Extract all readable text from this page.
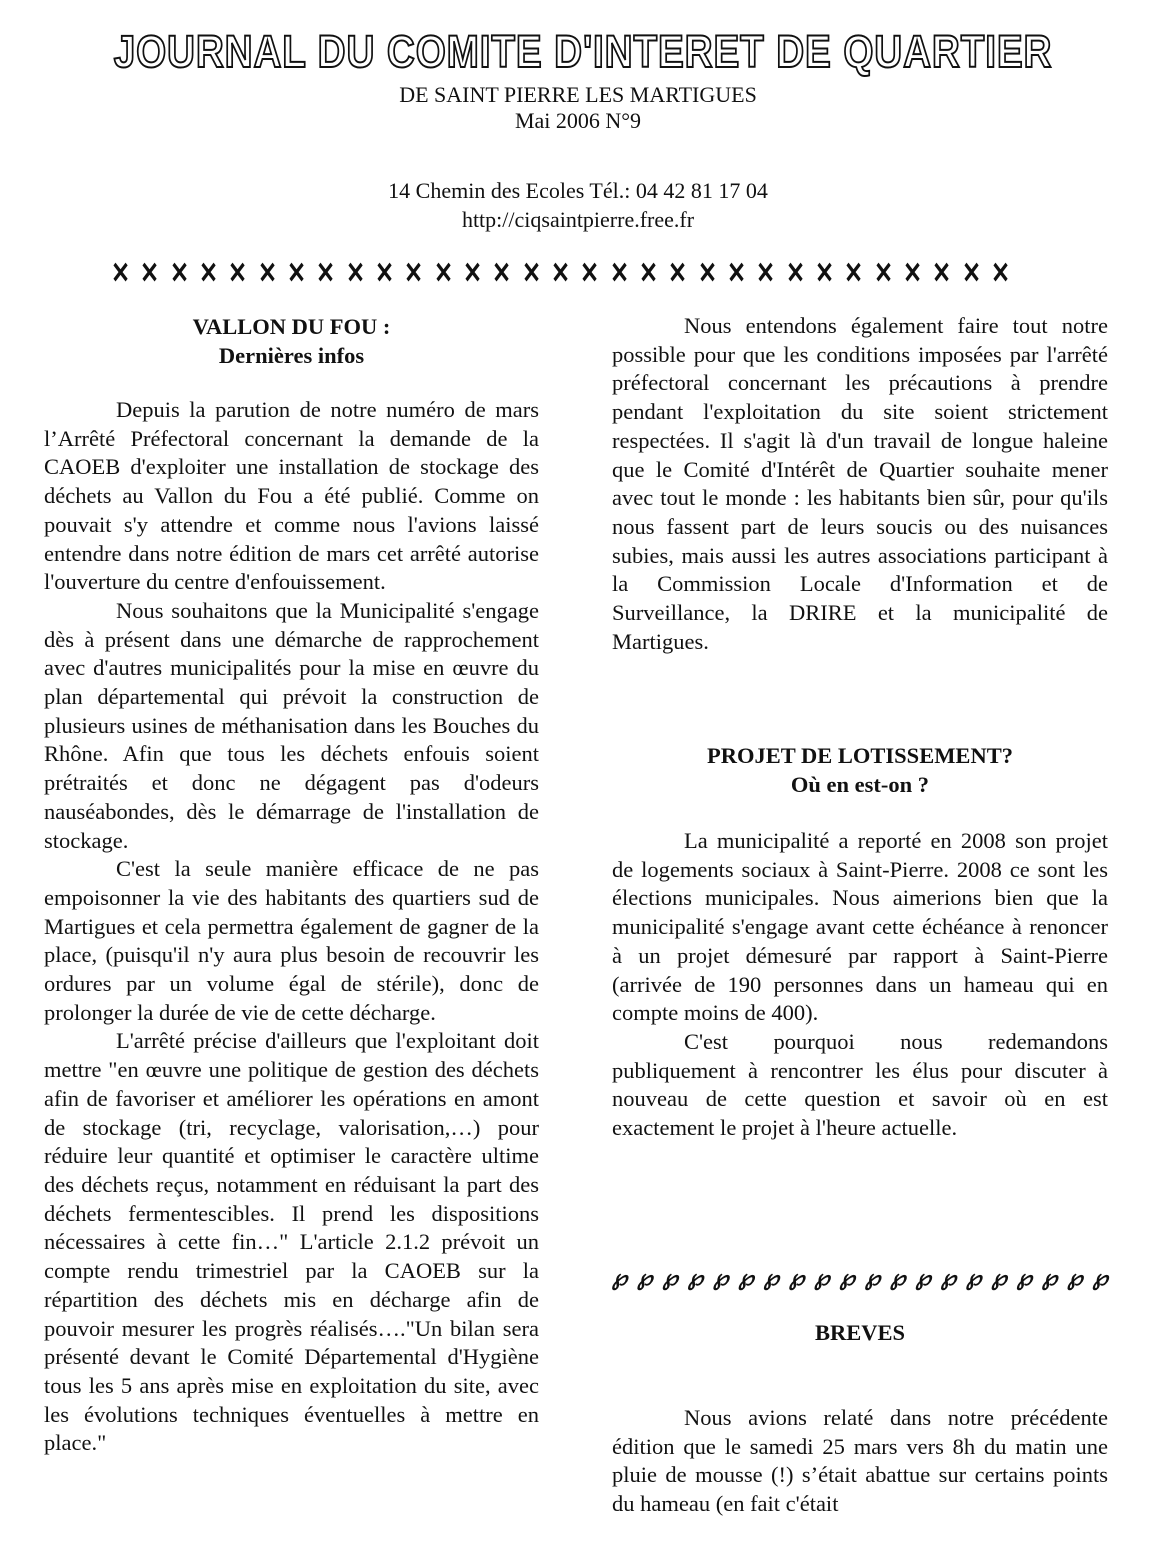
JOURNAL DU COMITE D'INTERET DE QUARTIER
DE SAINT PIERRE LES MARTIGUES
Mai 2006 N°9
14 Chemin des Ecoles Tél.: 04 42 81 17 04
http://ciqsaintpierre.free.fr
✕ ✕ ✕ ✕ ✕ ✕ ✕ ✕ ✕ ✕ ✕ ✕ ✕ ✕ ✕ ✕ ✕ ✕ ✕ ✕ ✕ ✕ ✕ ✕ ✕ ✕ ✕ ✕ ✕ ✕ ✕
VALLON DU FOU :
Dernières infos

Depuis la parution de notre numéro de mars l’Arrêté Préfectoral concernant la demande de la CAOEB d'exploiter une installation de stockage des déchets au Vallon du Fou a été publié. Comme on pouvait s'y attendre et comme nous l'avions laissé entendre dans notre édition de mars cet arrêté autorise l'ouverture du centre d'enfouissement.

Nous souhaitons que la Municipalité s'engage dès à présent dans une démarche de rapprochement avec d'autres municipalités pour la mise en œuvre du plan départemental qui prévoit la construction de plusieurs usines de méthanisation dans les Bouches du Rhône. Afin que tous les déchets enfouis soient prétraités et donc ne dégagent pas d'odeurs nauséabondes, dès le démarrage de l'installation de stockage.

C'est la seule manière efficace de ne pas empoisonner la vie des habitants des quartiers sud de Martigues et cela permettra également de gagner de la place, (puisqu'il n'y aura plus besoin de recouvrir les ordures par un volume égal de stérile), donc de prolonger la durée de vie de cette décharge.

L'arrêté précise d'ailleurs que l'exploitant doit mettre "en œuvre une politique de gestion des déchets afin de favoriser et améliorer les opérations en amont de stockage (tri, recyclage, valorisation,…) pour réduire leur quantité et optimiser le caractère ultime des déchets reçus, notamment en réduisant la part des déchets fermentescibles. Il prend les dispositions nécessaires à cette fin…" L'article 2.1.2 prévoit un compte rendu trimestriel par la CAOEB sur la répartition des déchets mis en décharge afin de pouvoir mesurer les progrès réalisés…."Un bilan sera présenté devant le Comité Départemental d'Hygiène tous les 5 ans après mise en exploitation du site, avec les évolutions techniques éventuelles à mettre en place."

Nous entendons également faire tout notre possible pour que les conditions imposées par l'arrêté préfectoral concernant les précautions à prendre pendant l'exploitation du site soient strictement respectées. Il s'agit là d'un travail de longue haleine que le Comité d'Intérêt de Quartier souhaite mener avec tout le monde : les habitants bien sûr, pour qu'ils nous fassent part de leurs soucis ou des nuisances subies, mais aussi les autres associations participant à la Commission Locale d'Information et de Surveillance, la DRIRE et la municipalité de Martigues.

PROJET DE LOTISSEMENT?
Où en est-on ?

La municipalité a reporté en 2008 son projet de logements sociaux à Saint-Pierre. 2008 ce sont les élections municipales. Nous aimerions bien que la municipalité s'engage avant cette échéance à renoncer à un projet démesuré par rapport à Saint-Pierre (arrivée de 190 personnes dans un hameau qui en compte moins de 400).

C'est pourquoi nous redemandons publiquement à rencontrer les élus pour discuter à nouveau de cette question et savoir où en est exactement le projet à l'heure actuelle.

℘ ℘ ℘ ℘ ℘ ℘ ℘ ℘ ℘ ℘ ℘ ℘ ℘ ℘ ℘ ℘ ℘ ℘ ℘ ℘
BREVES

Nous avions relaté dans notre précédente édition que le samedi 25 mars vers 8h du matin une pluie de mousse (!) s’était abattue sur certains points du hameau (en fait c'était
